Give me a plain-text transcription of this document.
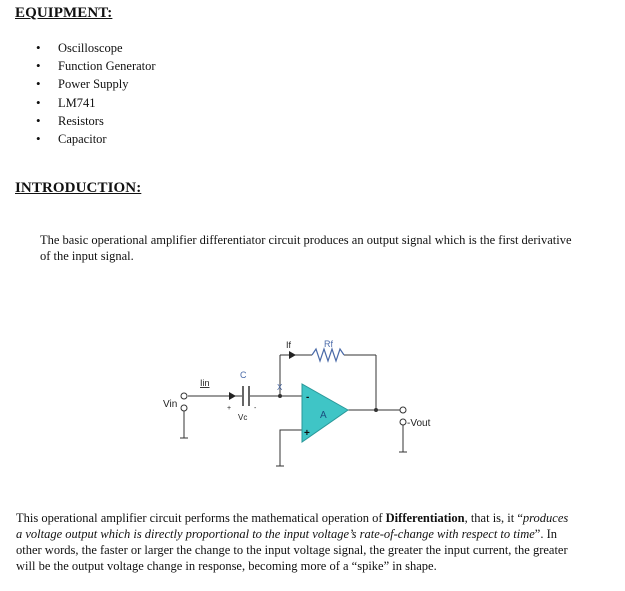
EQUIPMENT:
• Oscilloscope
• Function Generator
• Power Supply
• LM741
• Resistors
• Capacitor
INTRODUCTION:
The basic operational amplifier differentiator circuit produces an output signal which is the first derivative of the input signal.
Vin
Iin
C
Vc
+	-
X
If	Rf
A
-
+
-Vout
This operational amplifier circuit performs the mathematical operation of Differentiation, that is, it “produces a voltage output which is directly proportional to the input voltage’s rate-of-change with respect to time”. In other words, the faster or larger the change to the input voltage signal, the greater the input current, the greater will be the output voltage change in response, becoming more of a “spike” in shape.
